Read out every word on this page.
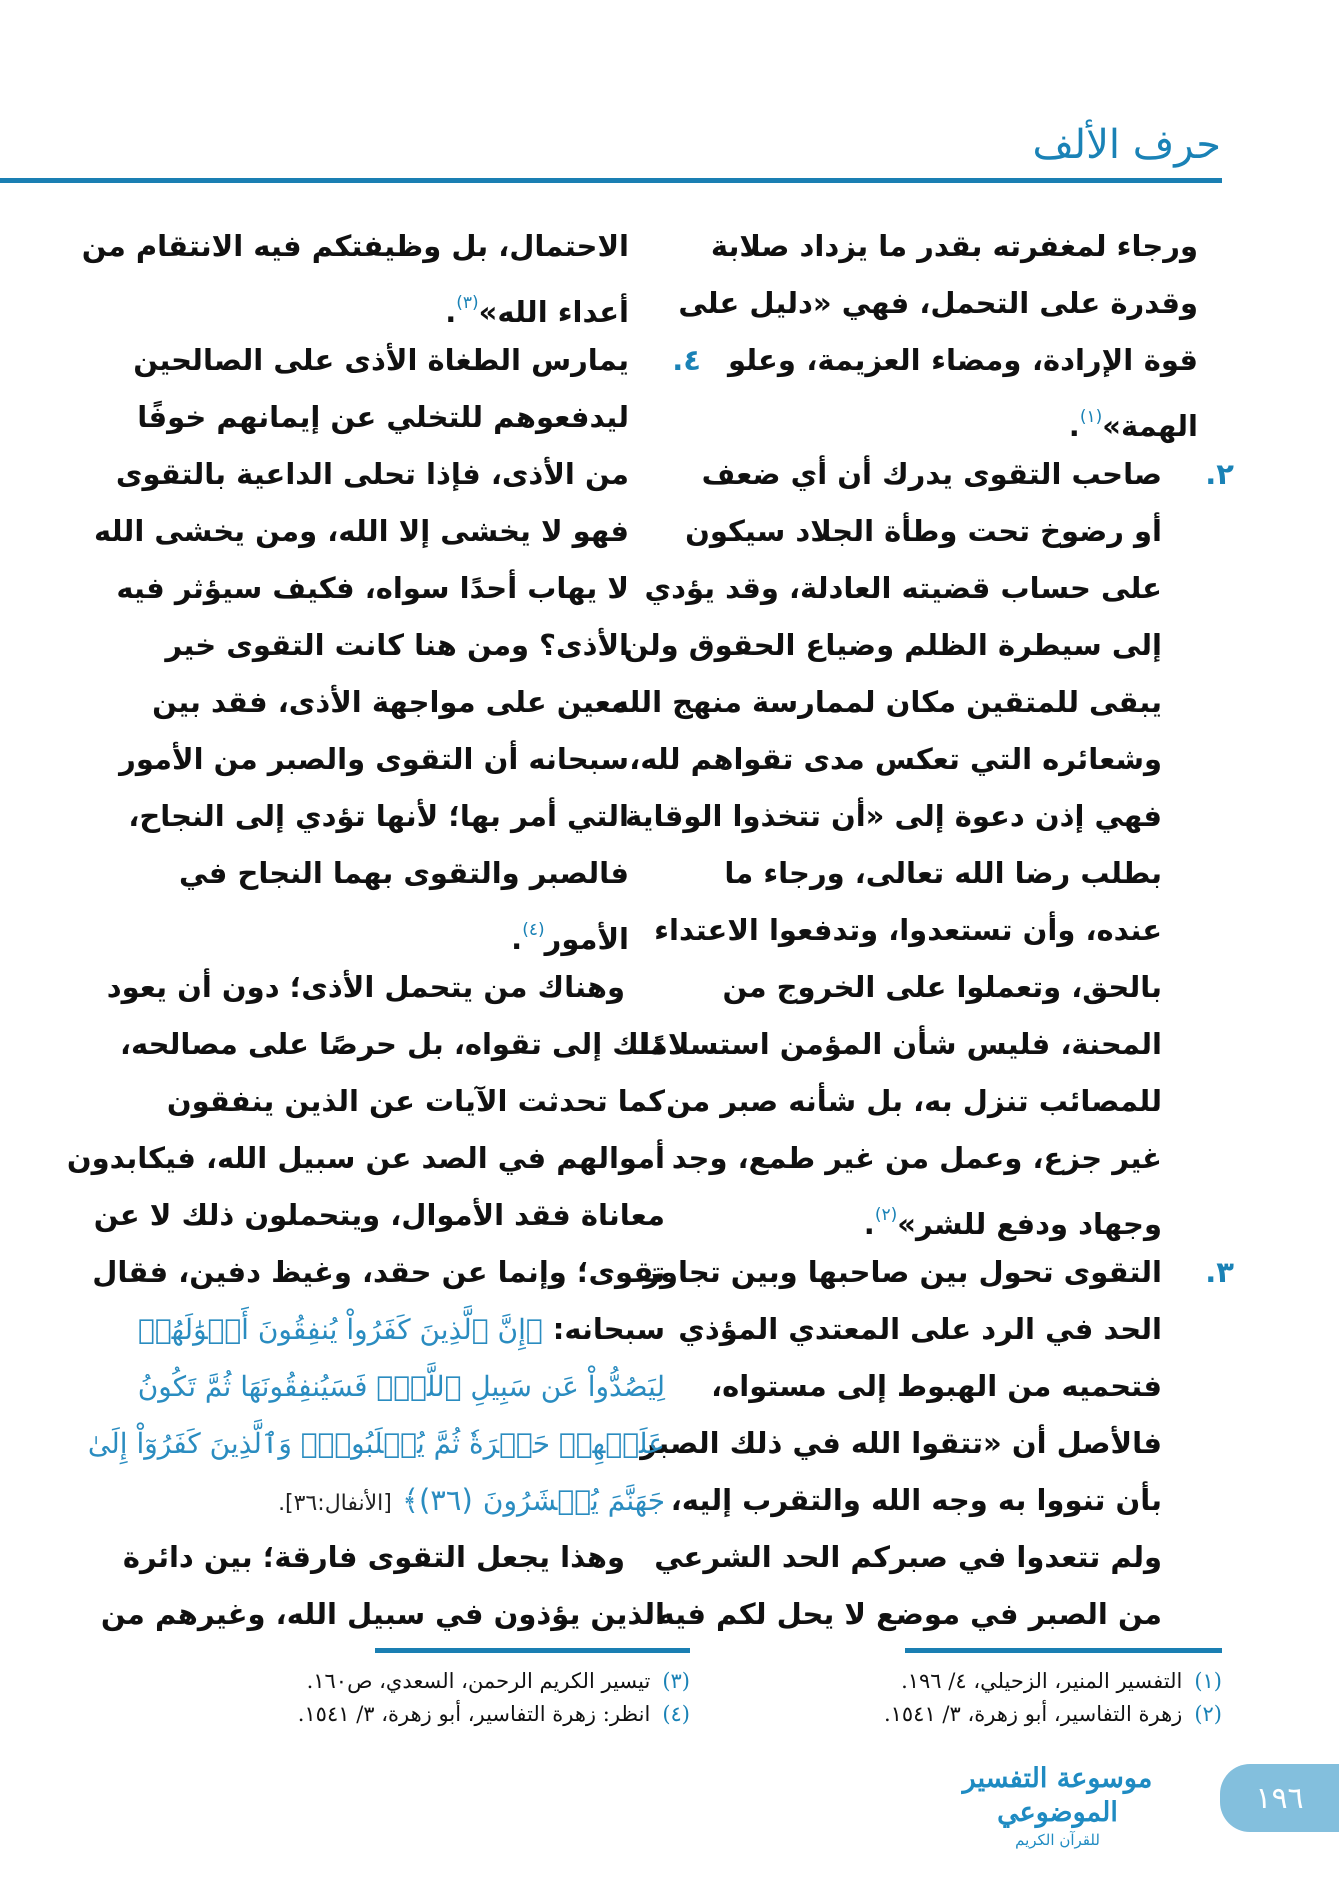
حرف الألف
ورجاء لمغفرته بقدر ما يزداد صلابة
وقدرة على التحمل، فهي «دليل على
قوة الإرادة، ومضاء العزيمة، وعلو
الهمة»$^{(١)}$.
٢.صاحب التقوى يدرك أن أي ضعف
أو رضوخ تحت وطأة الجلاد سيكون
على حساب قضيته العادلة، وقد يؤدي
إلى سيطرة الظلم وضياع الحقوق ولن
يبقى للمتقين مكان لممارسة منهج الله
وشعائره التي تعكس مدى تقواهم لله،
فهي إذن دعوة إلى «أن تتخذوا الوقاية
بطلب رضا الله تعالى، ورجاء ما
عنده، وأن تستعدوا، وتدفعوا الاعتداء
بالحق، وتعملوا على الخروج من
المحنة، فليس شأن المؤمن استسلامًا
للمصائب تنزل به، بل شأنه صبر من
غير جزع، وعمل من غير طمع، وجد
وجهاد ودفع للشر»$^{(٢)}$.
٣.التقوى تحول بين صاحبها وبين تجاوز
الحد في الرد على المعتدي المؤذي
فتحميه من الهبوط إلى مستواه،
فالأصل أن «تتقوا الله في ذلك الصبر
بأن تنووا به وجه الله والتقرب إليه،
ولم تتعدوا في صبركم الحد الشرعي
من الصبر في موضع لا يحل لكم فيه
الاحتمال، بل وظيفتكم فيه الانتقام من
أعداء الله»$^{(٣)}$.
٤.يمارس الطغاة الأذى على الصالحين
ليدفعوهم للتخلي عن إيمانهم خوفًا
من الأذى، فإذا تحلى الداعية بالتقوى
فهو لا يخشى إلا الله، ومن يخشى الله
لا يهاب أحدًا سواه، فكيف سيؤثر فيه
الأذى؟ ومن هنا كانت التقوى خير
معين على مواجهة الأذى، فقد بين
سبحانه أن التقوى والصبر من الأمور
التي أمر بها؛ لأنها تؤدي إلى النجاح،
فالصبر والتقوى بهما النجاح في
الأمور$^{(٤)}$.
وهناك من يتحمل الأذى؛ دون أن يعود
ذلك إلى تقواه، بل حرصًا على مصالحه،
كما تحدثت الآيات عن الذين ينفقون
أموالهم في الصد عن سبيل الله، فيكابدون
معاناة فقد الأموال، ويتحملون ذلك لا عن
تقوى؛ وإنما عن حقد، وغيظ دفين، فقال
سبحانه: ﴿إِنَّ ٱلَّذِينَ كَفَرُواْ يُنفِقُونَ أَمۡوَٰلَهُمۡ
لِيَصُدُّواْ عَن سَبِيلِ ٱللَّهِۚ فَسَيُنفِقُونَهَا ثُمَّ تَكُونُ
عَلَيۡهِمۡ حَسۡرَةٗ ثُمَّ يُغۡلَبُونَۗ وَٱلَّذِينَ كَفَرُوٓاْ إِلَىٰ
جَهَنَّمَ يُحۡشَرُونَ (٣٦)﴾ [الأنفال:٣٦].
وهذا يجعل التقوى فارقة؛ بين دائرة
الذين يؤذون في سبيل الله، وغيرهم من
(١)التفسير المنير، الزحيلي، ٤/ ١٩٦.
(٢)زهرة التفاسير، أبو زهرة، ٣/ ١٥٤١.
(٣)تيسير الكريم الرحمن، السعدي، ص١٦٠.
(٤)انظر: زهرة التفاسير، أبو زهرة، ٣/ ١٥٤١.
موسوعة التفسير الموضوعي
للقرآن الكريم
١٩٦
